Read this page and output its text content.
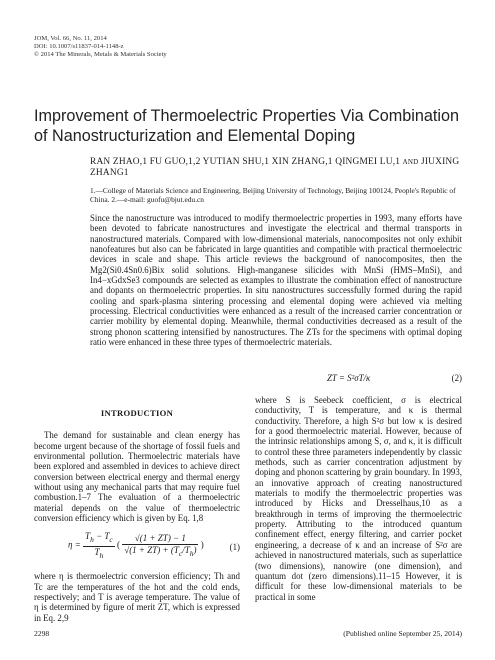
JOM, Vol. 66, No. 11, 2014
DOI: 10.1007/s11837-014-1148-z
© 2014 The Minerals, Metals & Materials Society
Improvement of Thermoelectric Properties Via Combination of Nanostructurization and Elemental Doping
RAN ZHAO,1 FU GUO,1,2 YUTIAN SHU,1 XIN ZHANG,1 QINGMEI LU,1 and JIUXING ZHANG1
1.—College of Materials Science and Engineering, Beijing University of Technology, Beijing 100124, People's Republic of China. 2.—e-mail: guofu@bjut.edu.cn
Since the nanostructure was introduced to modify thermoelectric properties in 1993, many efforts have been devoted to fabricate nanostructures and investigate the electrical and thermal transports in nanostructured materials. Compared with low-dimensional materials, nanocomposites not only exhibit nanofeatures but also can be fabricated in large quantities and compatible with practical thermoelectric devices in scale and shape. This article reviews the background of nanocomposites, then the Mg2(Si0.4Sn0.6)Bix solid solutions. High-manganese silicides with MnSi (HMS–MnSi), and In4−xGdxSe3 compounds are selected as examples to illustrate the combination effect of nanostructure and dopants on thermoelectric properties. In situ nanostructures successfully formed during the rapid cooling and spark-plasma sintering processing and elemental doping were achieved via melting processing. Electrical conductivities were enhanced as a result of the increased carrier concentration or carrier mobility by elemental doping. Meanwhile, thermal conductivities decreased as a result of the strong phonon scattering intensified by nanostructures. The ZTs for the specimens with optimal doping ratio were enhanced in these three types of thermoelectric materials.
INTRODUCTION

The demand for sustainable and clean energy has become urgent because of the shortage of fossil fuels and environmental pollution. Thermoelectric materials have been explored and assembled in devices to achieve direct conversion between electrical energy and thermal energy without using any mechanical parts that may require fuel combustion.1–7 The evaluation of a thermoelectric material depends on the value of thermoelectric conversion efficiency which is given by Eq. 1,8

$\eta = \frac{T_h - T_c}{T_h}$ ( $\frac{√(1 + ZT) - 1}{√(1 + ZT) + (T_c/T_h)}$ )	(1)

where η is thermoelectric conversion efficiency; Th and Tc are the temperatures of the hot and the cold ends, respectively; and T is average temperature. The value of η is determined by figure of merit ZT, which is expressed in Eq. 2,9

ZT = S²σT/κ	(2)

where S is Seebeck coefficient, σ is electrical conductivity, T is temperature, and κ is thermal conductivity. Therefore, a high S²σ but low κ is desired for a good thermoelectric material. However, because of the intrinsic relationships among S, σ, and κ, it is difficult to control these three parameters independently by classic methods, such as carrier concentration adjustment by doping and phonon scattering by grain boundary. In 1993, an innovative approach of creating nanostructured materials to modify the thermoelectric properties was introduced by Hicks and Dresselhaus,10 as a breakthrough in terms of improving the thermoelectric property. Attributing to the introduced quantum confinement effect, energy filtering, and carrier pocket engineering, a decrease of κ and an increase of S²σ are achieved in nanostructured materials, such as superlattice (two dimensions), nanowire (one dimension), and quantum dot (zero dimensions).11–15 However, it is difficult for these low-dimensional materials to be practical in some

2298	(Published online September 25, 2014)
